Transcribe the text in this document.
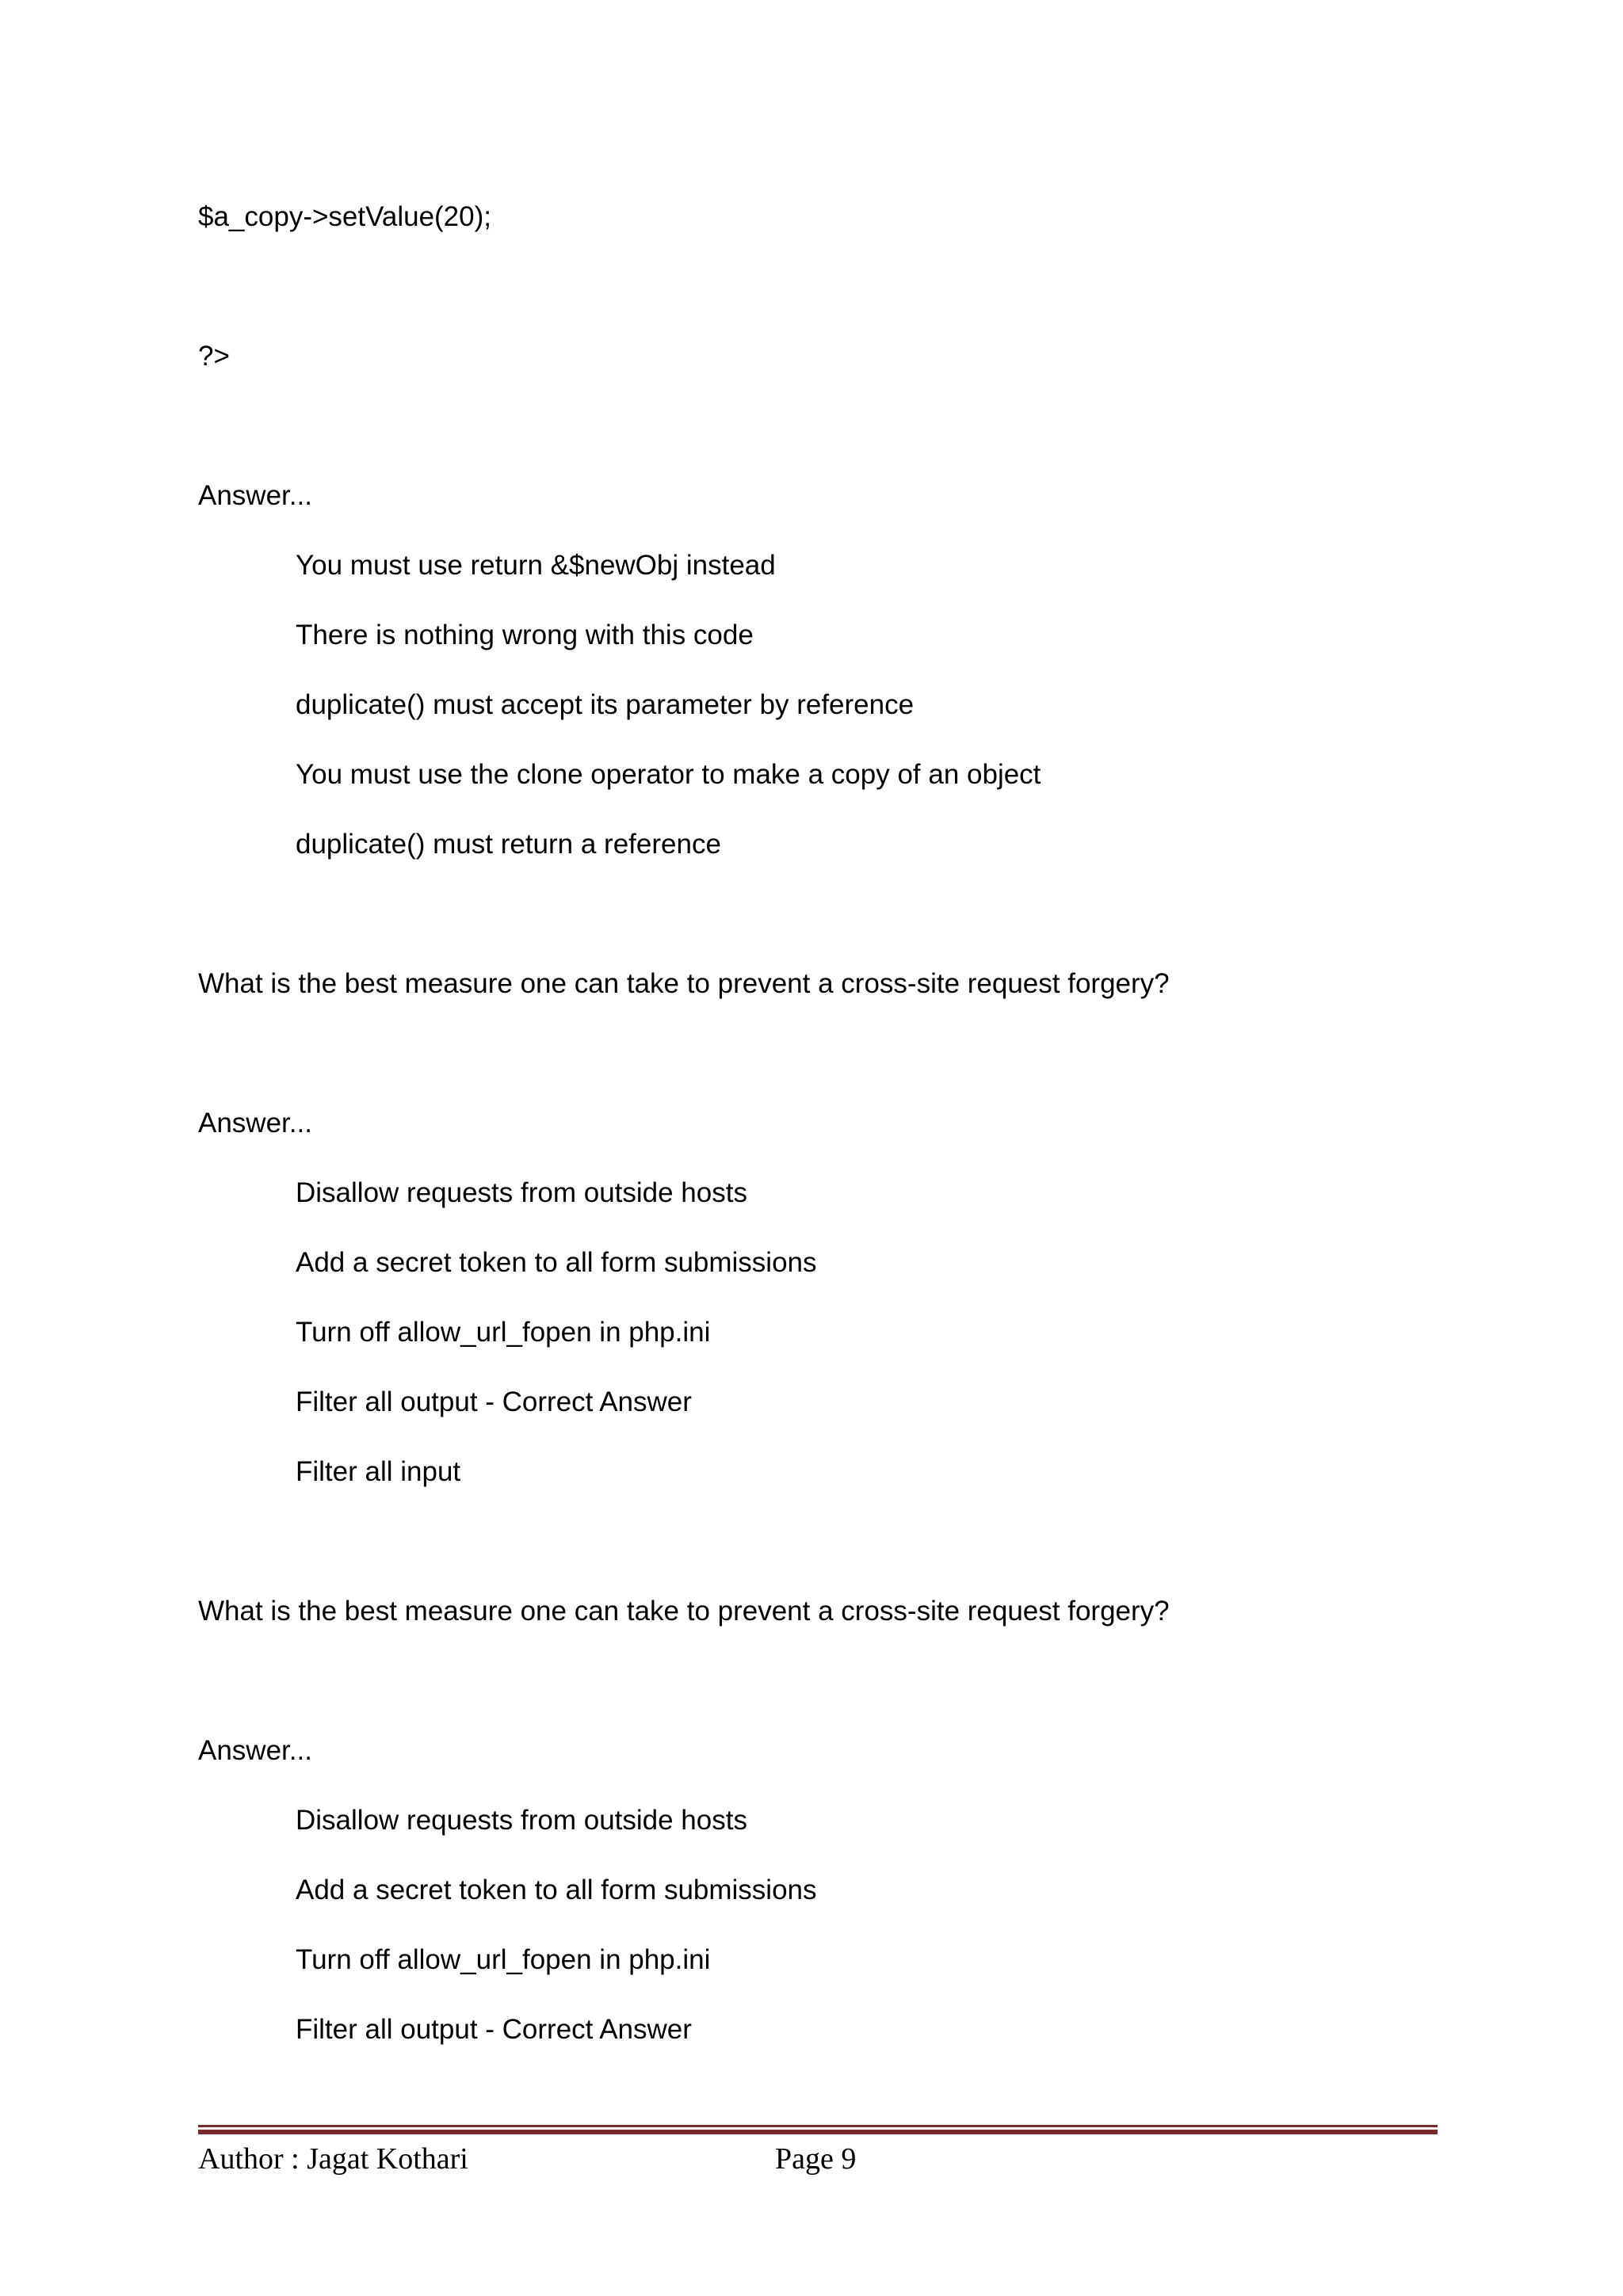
$a_copy->setValue(20);
?>
Answer...
You must use return &$newObj instead
There is nothing wrong with this code
duplicate() must accept its parameter by reference
You must use the clone operator to make a copy of an object
duplicate() must return a reference
What is the best measure one can take to prevent a cross-site request forgery?
Answer...
Disallow requests from outside hosts
Add a secret token to all form submissions
Turn off allow_url_fopen in php.ini
Filter all output - Correct Answer
Filter all input
What is the best measure one can take to prevent a cross-site request forgery?
Answer...
Disallow requests from outside hosts
Add a secret token to all form submissions
Turn off allow_url_fopen in php.ini
Filter all output - Correct Answer
Author : Jagat Kothari	Page 9
